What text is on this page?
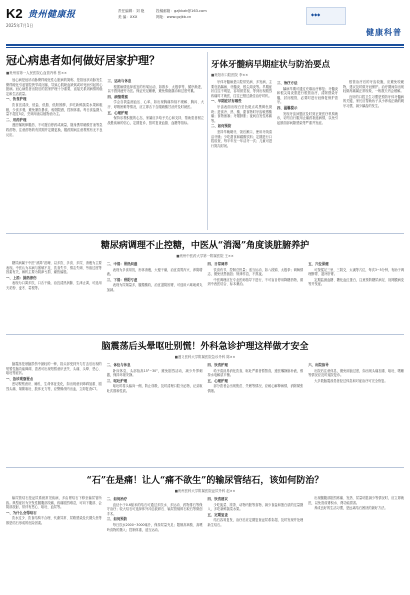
K2
2025年7月1日
贵州健康报	责任编辑：刘 艳
美 编：XXX
投稿邮箱：gzjkbzk@163.com
网址：www.gzjkb.cn	◆◆◆
健康科普
冠心病患者如何做好居家护理？
■贵州省第一人民医院心血管内科 张××

冠心病是冠状动脉粥样硬化性心脏病的简称，是指冠状动脉发生粥样硬化引起管腔狭窄或闭塞，导致心肌缺血缺氧或坏死而引起的心脏病。冠心病患者出院后的居家护理十分重要，直接关系到病情的稳定和生活质量。

一、饮食护理

饮食宜清淡、低盐、低脂、低胆固醇，多吃新鲜蔬菜水果和粗粮，少食多餐，避免暴饮暴食，戒烟限酒，控制体重。每日食盐摄入量不超过5克，烹调用油以植物油为主。

二、用药护理

遵医嘱规律服药，不可擅自停药或减量，随身携带硝酸甘油等急救药物，注意药物的有效期并定期更换，服药期间注意观察有无不良反应。

三、运动与休息

根据病情选择适宜的有氧运动，如散步、太极拳等，循序渐进，以不感到疲劳为宜。保证充足睡眠，避免情绪激动和过度劳累。

四、病情观察

学会自我监测血压、心率，如出现胸痛持续不缓解、胸闷、大汗、呼吸困难等情况，应立即舌下含服硝酸甘油并及时就医。

五、心理护理

保持乐观积极的心态，家属应多给予关心和支持，帮助患者树立战胜疾病的信心，定期复诊，按时复查血脂、血糖等指标。

牙体牙髓病早期症状与防治要点
■贵阳市口腔医院 李××

牙体牙髓病是口腔常见病、多发病，主要包括龋病、牙髓炎、根尖周炎等。早期症状往往不明显，容易被忽视，等到出现剧烈疼痛时才就医，往往已错过最佳治疗时机。

一、早期症状有哪些

牙齿表面出现白垩色斑点或黑褐色斑块；进食冷、热、酸、甜食物时牙齿敏感酸痛；食物嵌塞；牙龈肿胀；夜间自发性疼痛等。

二、如何预防

坚持早晚刷牙，饭后漱口，使用牙线清洁牙缝；少吃甜食和碳酸饮料；定期进行口腔检查，每半年至一年洁牙一次；儿童可进行窝沟封闭。

三、治疗方法

龋病早期可通过充填治疗修复；牙髓炎和根尖周炎需进行根管治疗，清除感染牙髓，封闭根管，必要时进行冠修复保护患牙。

四、温馨提示

发现牙齿问题应及时到正规医疗机构就诊，切勿自行服用止痛药拖延病情，以免引起颌面部间隙感染等严重并发症。

根管治疗后的牙齿较脆，应避免咬硬物，建议及时做牙冠保护。治疗期间如出现轻微疼痛属正常现象，一般数天内会缓解。

良好的口腔卫生习惯是预防牙体牙髓病的关键，家长应帮助孩子从小养成正确的刷牙习惯，减少龋齿的发生。

糖尿病调理不止控糖，中医从“消渴”角度谈脏腑养护
■贵州中医药大学第一附属医院 王××

糖尿病属于中医“消渴”范畴，以多饮、多食、多尿、消瘦为主要表现。中医认为本病与禀赋不足、饮食失节、情志失调、劳欲过度等因素有关，病机主要为阴津亏损、燥热偏胜。

一、上消：肺热津伤

表现为口渴多饮，口舌干燥，治宜清热润肺、生津止渴，可选用天花粉、麦冬、葛根等。

二、中消：胃热炽盛

表现为多食易饥，形体消瘦，大便干燥，治宜清胃泻火、养阴增液。

三、下消：肾阴亏虚

表现为尿频量多，腰膝酸软，治宜滋阴固肾，可选用六味地黄丸加减。

四、日常调养

饮食有节，控制总热量；适当运动，如八段锦、太极拳；调畅情志，避免忧思恼怒；规律作息，不熬夜。

中医调理应在专业医师指导下进行，不可盲目停用降糖药物，做到中西医结合、标本兼治。

五、穴位保健

可按揉足三里、三阴交、太溪等穴位，每次3~5分钟，有助于调理脾胃、滋补肝肾。

定期监测血糖、糖化血红蛋白，注意预防糖尿病足、视网膜病变等并发症。

脑震荡后头晕呕吐别慌！外科急诊护理这样做才安全
■遵义医科大学附属医院急诊外科 陈××

脑震荡是颅脑损伤中最轻的一种，指头部受到外力打击后出现的短暂性脑功能障碍，患者可出现短暂意识丧失、头痛、头晕、恶心、呕吐等症状。

一、急诊观察要点

密切观察意识、瞳孔、生命体征变化，如出现意识障碍加重、剧烈头痛、频繁呕吐、肢体无力等，应警惕颅内出血，立即复查CT。

二、体位与休息

卧床休息，头部抬高15°~30°，避免剧烈活动，减少外界刺激，保持环境安静。

三、呕吐护理

呕吐时将头偏向一侧，防止误吸，及时清理口腔分泌物，记录呕吐次数和性质。

四、饮食护理

给予清淡易消化饮食，呕吐严重者暂禁食，遵医嘱静脉补液，维持水电解质平衡。

五、心理护理

部分患者会出现焦虑、失眠等情况，应耐心解释病情，消除紧张情绪。

六、出院指导

出院后注意休息，避免用脑过度，如出现头痛加重、呕吐、嗜睡等情况应及时返院复诊。

大多数脑震荡患者经过休息和对症治疗可完全恢复。

“石”在是痛！让人“痛不欲生”的输尿管结石，该如何防治？
■贵州医科大学附属医院泌尿外科 赵××

输尿管结石是泌尿系统常见疾病，多由肾结石下移至输尿管所致。典型症状为突发性腰腹部绞痛，疼痛剧烈难忍，可向下腹部、会阴部放射，常伴有恶心、呕吐、血尿等。

一、为什么会得结石

饮水过少、饮食结构不合理、代谢异常、尿路感染及长期久坐等都是结石形成的危险因素。

二、如何治疗

直径小于0.6厘米的结石可通过多饮水、多运动、药物排石等保守治疗；较大结石可选择体外冲击波碎石、输尿管镜碎石取石等微创手术。

三、如何预防

每日饮水2000~3000毫升，保持尿量充足；限制高草酸、高嘌呤食物的摄入；控制体重，适当运动。

四、饮食建议

少吃菠菜、浓茶、动物内脏等食物，减少食盐和蛋白质的过量摄入，多吃新鲜蔬菜水果。

五、定期复查

结石容易复发，治疗后应定期复查泌尿系彩超，及时发现并处理新生结石。

出现腰腹部剧烈疼痛、发热、尿量明显减少等情况时，应立即就医，以免造成肾积水、肾功能损害。

养成良好的生活习惯，是远离结石困扰的最好方法。
